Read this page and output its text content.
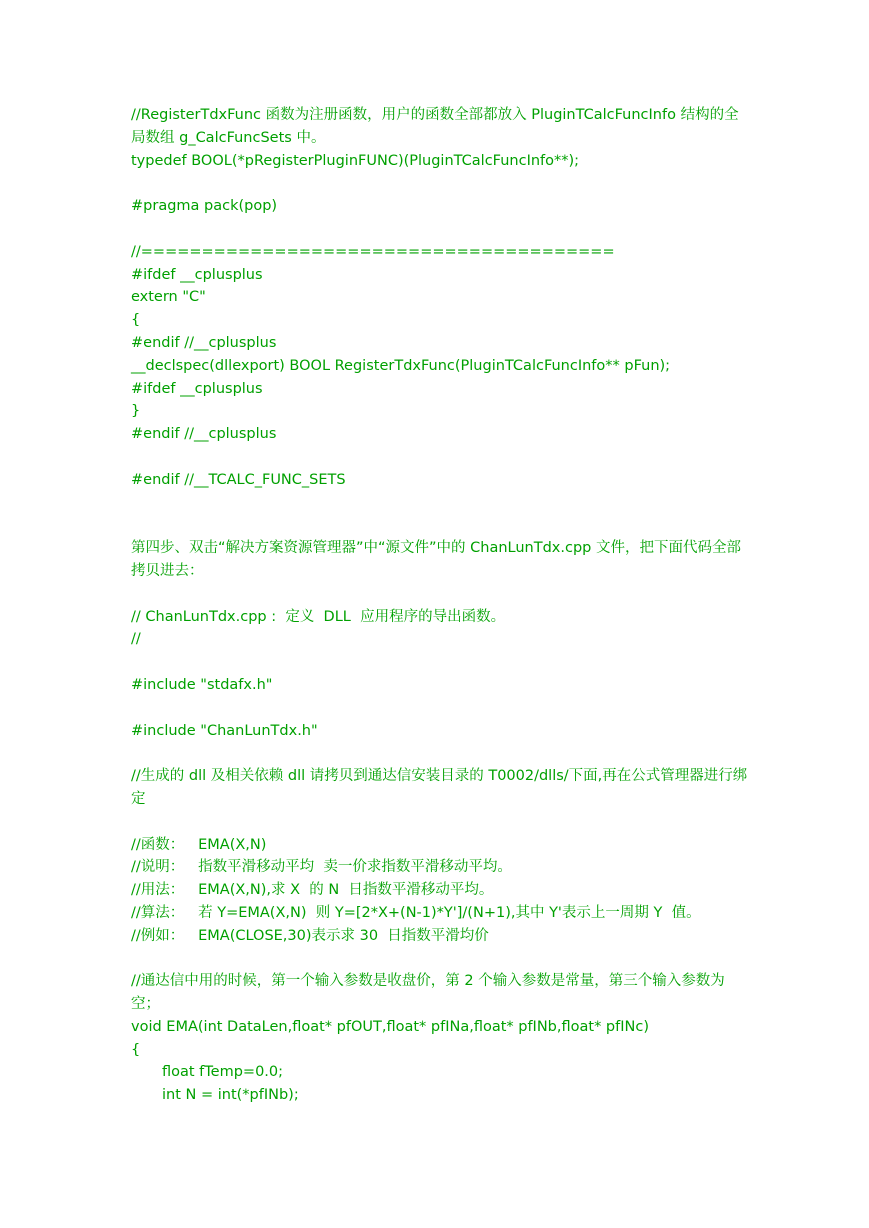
//RegisterTdxFunc 函数为注册函数，用户的函数全部都放入 PluginTCalcFuncInfo 结构的全局数组 g_CalcFuncSets 中。
typedef BOOL(*pRegisterPluginFUNC)(PluginTCalcFuncInfo**);
#pragma pack(pop)
//=======================================
#ifdef __cplusplus
extern "C"
{
#endif //__cplusplus
__declspec(dllexport) BOOL RegisterTdxFunc(PluginTCalcFuncInfo** pFun);
#ifdef __cplusplus
}
#endif //__cplusplus
#endif //__TCALC_FUNC_SETS
第四步、双击“解决方案资源管理器”中“源文件”中的 ChanLunTdx.cpp 文件，把下面代码全部拷贝进去：
// ChanLunTdx.cpp :  定义  DLL  应用程序的导出函数。
//
#include "stdafx.h"
#include "ChanLunTdx.h"
//生成的 dll 及相关依赖 dll 请拷贝到通达信安装目录的 T0002/dlls/下面,再在公式管理器进行绑定
//函数：   EMA(X,N)
//说明：   指数平滑移动平均  卖一价求指数平滑移动平均。
//用法：   EMA(X,N),求 X  的 N  日指数平滑移动平均。
//算法：   若 Y=EMA(X,N)  则 Y=[2*X+(N-1)*Y']/(N+1),其中 Y'表示上一周期 Y  值。
//例如：   EMA(CLOSE,30)表示求 30  日指数平滑均价
//通达信中用的时候，第一个输入参数是收盘价，第 2 个输入参数是常量，第三个输入参数为空；
void EMA(int DataLen,float* pfOUT,float* pfINa,float* pfINb,float* pfINc)
{
float fTemp=0.0;
int N = int(*pfINb);
